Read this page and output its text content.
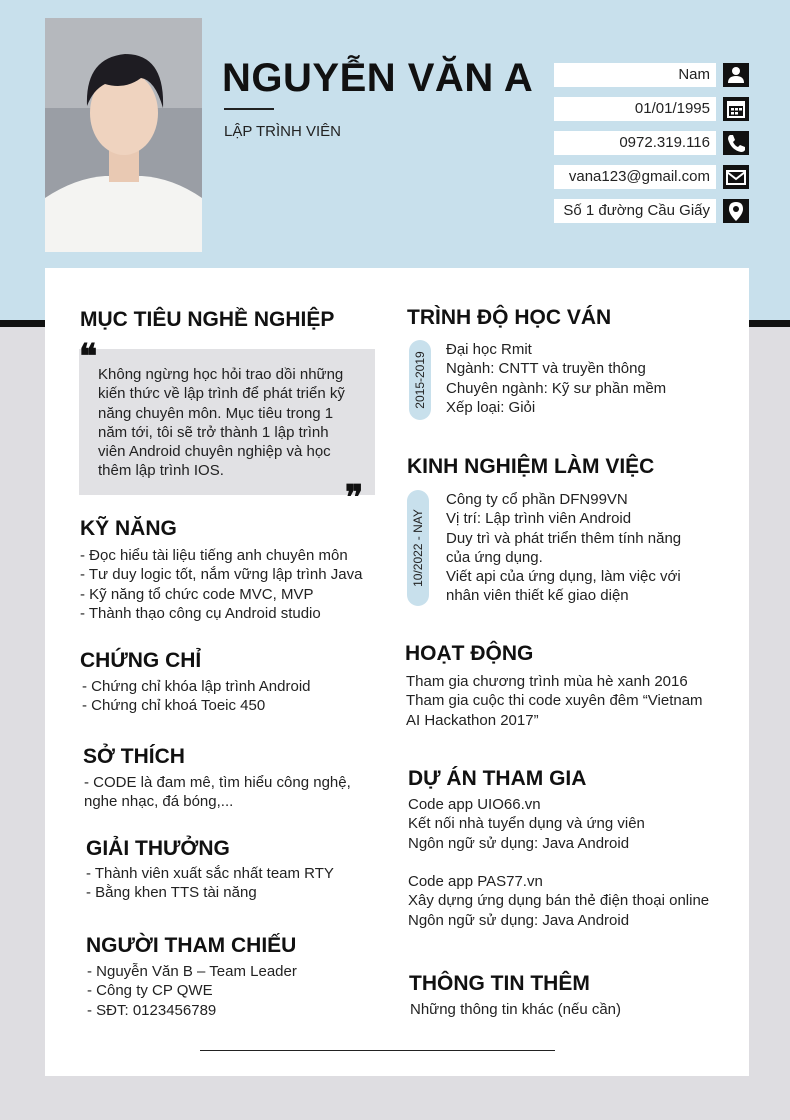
NGUYỄN VĂN A
LẬP TRÌNH VIÊN
Nam
01/01/1995
0972.319.116
vana123@gmail.com
Số 1 đường Cầu Giấy
MỤC TIÊU NGHỀ NGHIỆP
❝
❞
Không ngừng học hỏi trao dồi những
kiến thức về lập trình để phát triển kỹ
năng chuyên môn. Mục tiêu trong 1
năm tới, tôi sẽ trở thành 1 lập trình
viên Android chuyên nghiệp và học
thêm lập trình IOS.
KỸ NĂNG
- Đọc hiểu tài liệu tiếng anh chuyên môn
- Tư duy logic tốt, nắm vững lập trình Java
- Kỹ năng tổ chức code MVC, MVP
- Thành thạo công cụ Android studio
CHỨNG CHỈ
- Chứng chỉ khóa lập trình Android
- Chứng chỉ khoá Toeic 450
SỞ THÍCH
- CODE là đam mê, tìm hiểu công nghệ,
nghe nhạc, đá bóng,...
GIẢI THƯỞNG
- Thành viên xuất sắc nhất team RTY
- Bằng khen TTS tài năng
NGƯỜI THAM CHIẾU
- Nguyễn Văn B – Team Leader
- Công ty CP QWE
- SĐT: 0123456789
TRÌNH ĐỘ HỌC VÁN
2015-2019
Đại học Rmit
Ngành: CNTT và truyền thông
Chuyên ngành: Kỹ sư phần mềm
Xếp loại: Giỏi
KINH NGHIỆM LÀM VIỆC
10/2022 - NAY
Công ty cổ phần DFN99VN
Vị trí: Lập trình viên Android
Duy trì và phát triển thêm tính năng
của ứng dụng.
Viết api của ứng dụng, làm việc với
nhân viên thiết kế giao diện
HOẠT ĐỘNG
Tham gia chương trình mùa hè xanh 2016
Tham gia cuộc thi code xuyên đêm “Vietnam
AI Hackathon 2017”
DỰ ÁN THAM GIA
Code app UIO66.vn
Kết nối nhà tuyển dụng và ứng viên
Ngôn ngữ sử dụng: Java Android
Code app PAS77.vn
Xây dựng ứng dụng bán thẻ điện thoại online
Ngôn ngữ sử dụng: Java Android
THÔNG TIN THÊM
Những thông tin khác (nếu cần)
